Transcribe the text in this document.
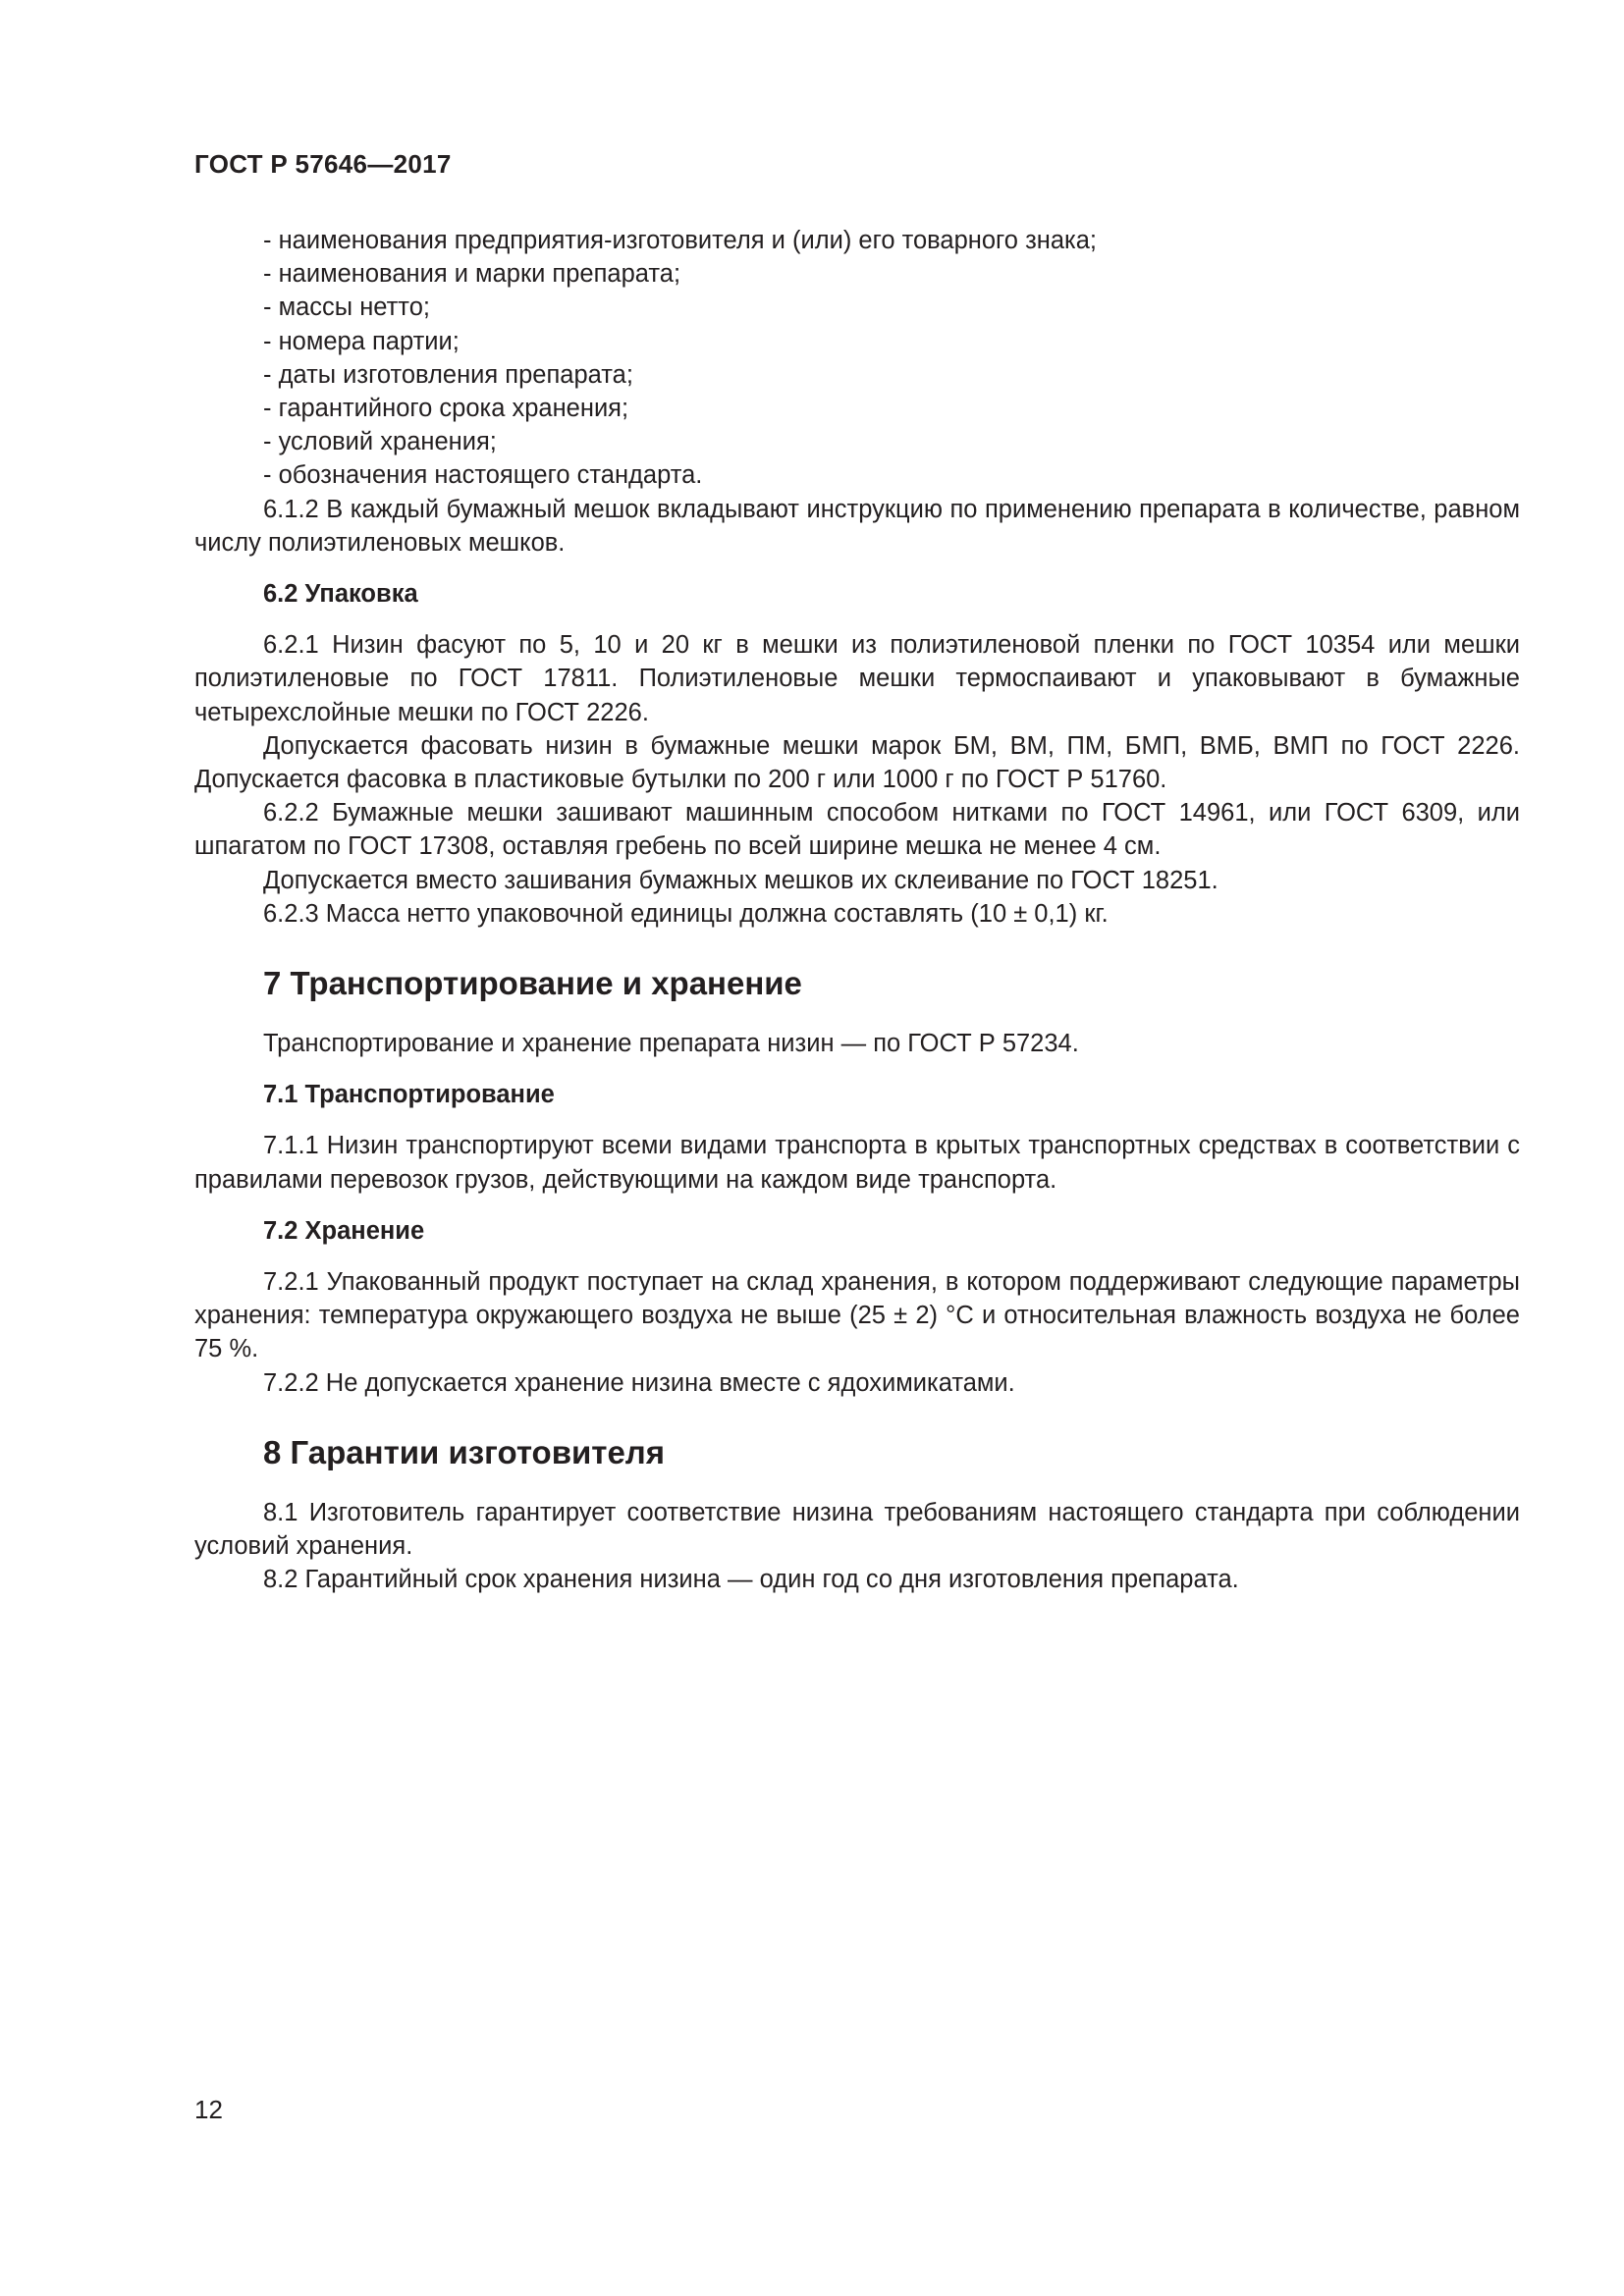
ГОСТ Р 57646—2017
- наименования предприятия-изготовителя и (или) его товарного знака;
- наименования и марки препарата;
- массы нетто;
- номера партии;
- даты изготовления препарата;
- гарантийного срока хранения;
- условий хранения;
- обозначения настоящего стандарта.

6.1.2 В каждый бумажный мешок вкладывают инструкцию по применению препарата в количестве, равном числу полиэтиленовых мешков.

6.2 Упаковка

6.2.1 Низин фасуют по 5, 10 и 20 кг в мешки из полиэтиленовой пленки по ГОСТ 10354 или мешки полиэтиленовые по ГОСТ 17811. Полиэтиленовые мешки термоспаивают и упаковывают в бумажные четырехслойные мешки по ГОСТ 2226.

Допускается фасовать низин в бумажные мешки марок БМ, ВМ, ПМ, БМП, ВМБ, ВМП по ГОСТ 2226. Допускается фасовка в пластиковые бутылки по 200 г или 1000 г по ГОСТ Р 51760.

6.2.2 Бумажные мешки зашивают машинным способом нитками по ГОСТ 14961, или ГОСТ 6309, или шпагатом по ГОСТ 17308, оставляя гребень по всей ширине мешка не менее 4 см.

Допускается вместо зашивания бумажных мешков их склеивание по ГОСТ 18251.

6.2.3 Масса нетто упаковочной единицы должна составлять (10 ± 0,1) кг.

7 Транспортирование и хранение

Транспортирование и хранение препарата низин — по ГОСТ Р 57234.

7.1 Транспортирование

7.1.1 Низин транспортируют всеми видами транспорта в крытых транспортных средствах в соответствии с правилами перевозок грузов, действующими на каждом виде транспорта.

7.2 Хранение

7.2.1 Упакованный продукт поступает на склад хранения, в котором поддерживают следующие параметры хранения: температура окружающего воздуха не выше (25 ± 2) °С и относительная влажность воздуха не более 75 %.

7.2.2 Не допускается хранение низина вместе с ядохимикатами.

8 Гарантии изготовителя

8.1 Изготовитель гарантирует соответствие низина требованиям настоящего стандарта при соблюдении условий хранения.

8.2 Гарантийный срок хранения низина — один год со дня изготовления препарата.

12
